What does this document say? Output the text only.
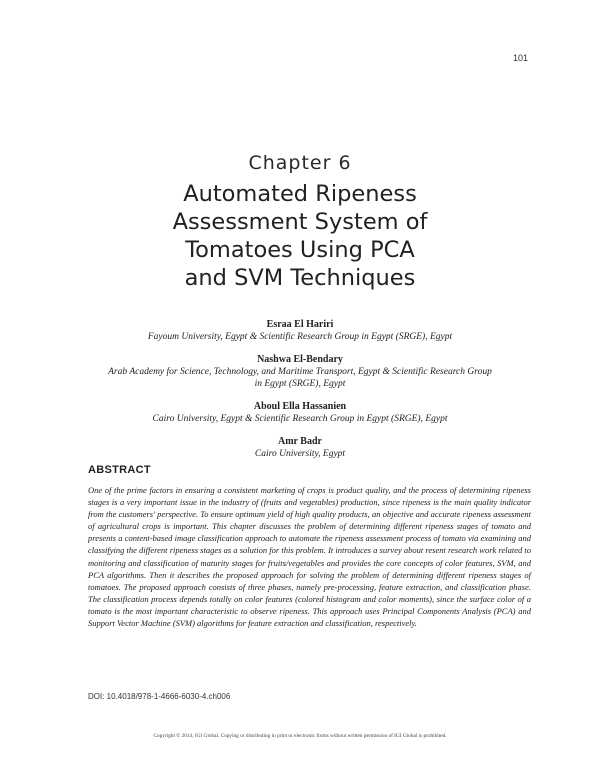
101
Chapter 6
Automated Ripeness
Assessment System of
Tomatoes Using PCA
and SVM Techniques
Esraa El Hariri
Fayoum University, Egypt & Scientific Research Group in Egypt (SRGE), Egypt
Nashwa El-Bendary
Arab Academy for Science, Technology, and Maritime Transport, Egypt & Scientific Research Group
in Egypt (SRGE), Egypt
Aboul Ella Hassanien
Cairo University, Egypt & Scientific Research Group in Egypt (SRGE), Egypt
Amr Badr
Cairo University, Egypt
ABSTRACT

One of the prime factors in ensuring a consistent marketing of crops is product quality, and the process of determining ripeness stages is a very important issue in the industry of (fruits and vegetables) production, since ripeness is the main quality indicator from the customers' perspective. To ensure optimum yield of high quality products, an objective and accurate ripeness assessment of agricultural crops is important. This chapter discusses the problem of determining different ripeness stages of tomato and presents a content-based image classification approach to automate the ripeness assessment process of tomato via examining and classifying the different ripeness stages as a solution for this problem. It introduces a survey about resent research work related to monitoring and classification of maturity stages for fruits/vegetables and provides the core concepts of color features, SVM, and PCA algorithms. Then it describes the proposed approach for solving the problem of determining different ripeness stages of tomatoes. The proposed approach consists of three phases, namely pre-processing, feature extraction, and classification phase. The classification process depends totally on color features (colored histogram and color moments), since the surface color of a tomato is the most important characteristic to observe ripeness. This approach uses Principal Components Analysis (PCA) and Support Vector Machine (SVM) algorithms for feature extraction and classification, respectively.

DOI: 10.4018/978-1-4666-6030-4.ch006
Copyright © 2014, IGI Global. Copying or distributing in print or electronic forms without written permission of IGI Global is prohibited.
